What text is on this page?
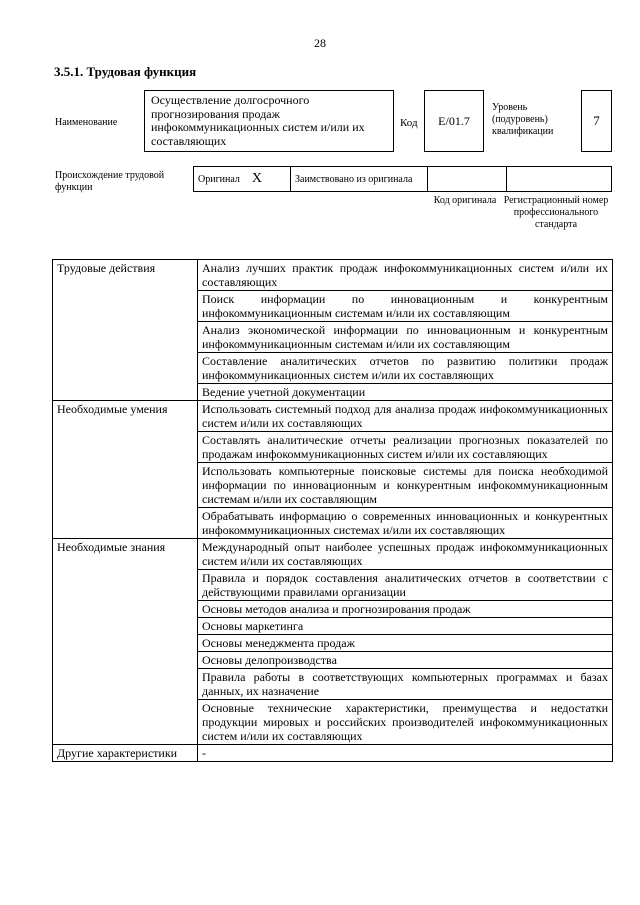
28
3.5.1. Трудовая функция
Наименование
Осуществление долгосрочного прогнозирования продаж инфокоммуникационных систем и/или их составляющих
Код E/01.7
Уровень (подуровень) квалификации
7
Происхождение трудовой функции
Оригинал X	Заимствовано из оригинала		
Код оригинала Регистрационный номер профессионального стандарта
Трудовые действия	Анализ лучших практик продаж инфокоммуникационных систем и/или их составляющих
	Поиск информации по инновационным и конкурентным инфокоммуникационным системам и/или их составляющим
	Анализ экономической информации по инновационным и конкурентным инфокоммуникационным системам и/или их составляющим
	Составление аналитических отчетов по развитию политики продаж инфокоммуникационных систем и/или их составляющих
	Ведение учетной документации
Необходимые умения	Использовать системный подход для анализа продаж инфокоммуникационных систем и/или их составляющих
	Составлять аналитические отчеты реализации прогнозных показателей по продажам инфокоммуникационных систем и/или их составляющих
	Использовать компьютерные поисковые системы для поиска необходимой информации по инновационным и конкурентным инфокоммуникационным системам и/или их составляющим
	Обрабатывать информацию о современных инновационных и конкурентных инфокоммуникационных системах и/или их составляющих
Необходимые знания	Международный опыт наиболее успешных продаж инфокоммуникационных систем и/или их составляющих
	Правила и порядок составления аналитических отчетов в соответствии с действующими правилами организации
	Основы методов анализа и прогнозирования продаж
	Основы маркетинга
	Основы менеджмента продаж
	Основы делопроизводства
	Правила работы в соответствующих компьютерных программах и базах данных, их назначение
	Основные технические характеристики, преимущества и недостатки продукции мировых и российских производителей инфокоммуникационных систем и/или их составляющих
Другие характеристики	-
